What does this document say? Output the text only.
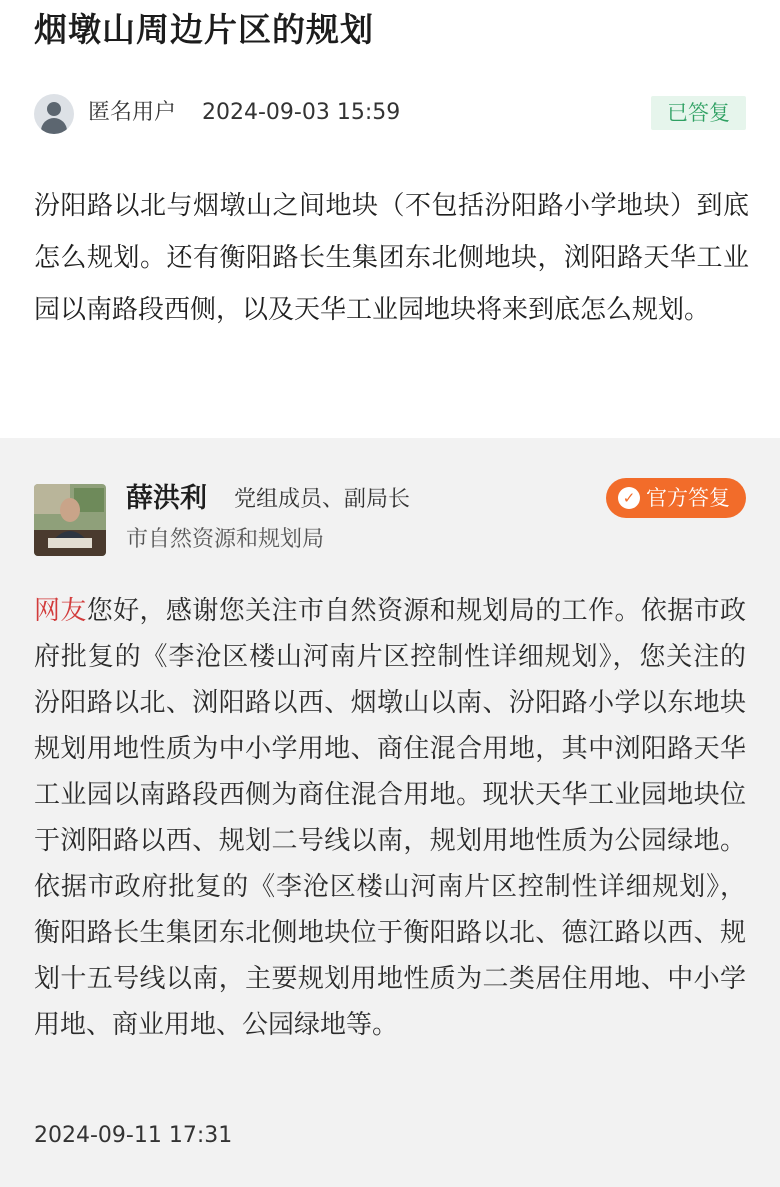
烟墩山周边片区的规划
匿名用户 2024-09-03 15:59	已答复

汾阳路以北与烟墩山之间地块（不包括汾阳路小学地块）到底怎么规划。还有衡阳路长生集团东北侧地块，浏阳路天华工业园以南路段西侧，以及天华工业园地块将来到底怎么规划。

薛洪利 党组成员、副局长
市自然资源和规划局
✓ 官方答复

网友您好，感谢您关注市自然资源和规划局的工作。依据市政府批复的《李沧区楼山河南片区控制性详细规划》，您关注的汾阳路以北、浏阳路以西、烟墩山以南、汾阳路小学以东地块规划用地性质为中小学用地、商住混合用地，其中浏阳路天华工业园以南路段西侧为商住混合用地。现状天华工业园地块位于浏阳路以西、规划二号线以南，规划用地性质为公园绿地。依据市政府批复的《李沧区楼山河南片区控制性详细规划》，衡阳路长生集团东北侧地块位于衡阳路以北、德江路以西、规划十五号线以南，主要规划用地性质为二类居住用地、中小学用地、商业用地、公园绿地等。

2024-09-11 17:31
